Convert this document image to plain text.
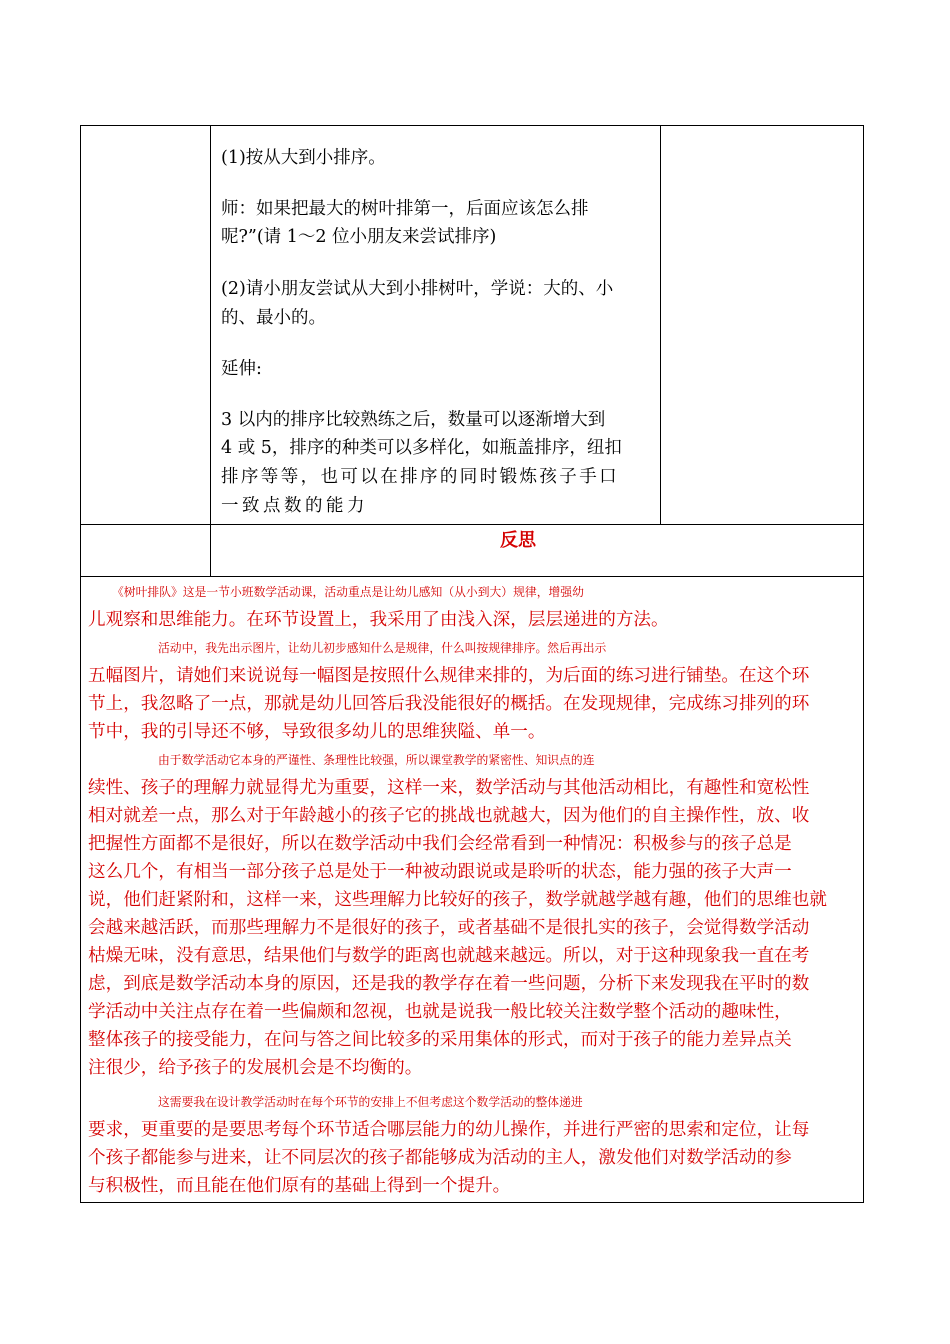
(1)按从大到小排序。

师：如果把最大的树叶排第一，后面应该怎么排

呢?”(请 1～2 位小朋友来尝试排序)

(2)请小朋友尝试从大到小排树叶，学说：大的、小

的、最小的。

延伸:

3 以内的排序比较熟练之后，数量可以逐渐增大到

4 或 5，排序的种类可以多样化，如瓶盖排序，纽扣

排序等等，也可以在排序的同时锻炼孩子手口

一致点数的能力

反思
《树叶排队》这是一节小班数学活动课，活动重点是让幼儿感知（从小到大）规律，增强幼
儿观察和思维能力。在环节设置上，我采用了由浅入深，层层递进的方法。
活动中，我先出示图片，让幼儿初步感知什么是规律，什么叫按规律排序。然后再出示
五幅图片，请她们来说说每一幅图是按照什么规律来排的，为后面的练习进行铺垫。在这个环
节上，我忽略了一点，那就是幼儿回答后我没能很好的概括。在发现规律，完成练习排列的环
节中，我的引导还不够，导致很多幼儿的思维狭隘、单一。
由于数学活动它本身的严谨性、条理性比较强，所以课堂教学的紧密性、知识点的连
续性、孩子的理解力就显得尤为重要，这样一来，数学活动与其他活动相比，有趣性和宽松性
相对就差一点，那么对于年龄越小的孩子它的挑战也就越大，因为他们的自主操作性，放、收
把握性方面都不是很好，所以在数学活动中我们会经常看到一种情况：积极参与的孩子总是
这么几个，有相当一部分孩子总是处于一种被动跟说或是聆听的状态，能力强的孩子大声一
说，他们赶紧附和，这样一来，这些理解力比较好的孩子，数学就越学越有趣，他们的思维也就
会越来越活跃，而那些理解力不是很好的孩子，或者基础不是很扎实的孩子，会觉得数学活动
枯燥无味，没有意思，结果他们与数学的距离也就越来越远。所以，对于这种现象我一直在考
虑，到底是数学活动本身的原因，还是我的教学存在着一些问题，分析下来发现我在平时的数
学活动中关注点存在着一些偏颇和忽视，也就是说我一般比较关注数学整个活动的趣味性，
整体孩子的接受能力，在问与答之间比较多的采用集体的形式，而对于孩子的能力差异点关
注很少，给予孩子的发展机会是不均衡的。
这需要我在设计教学活动时在每个环节的安排上不但考虑这个数学活动的整体递进
要求，更重要的是要思考每个环节适合哪层能力的幼儿操作，并进行严密的思索和定位，让每
个孩子都能参与进来，让不同层次的孩子都能够成为活动的主人，激发他们对数学活动的参
与积极性，而且能在他们原有的基础上得到一个提升。
